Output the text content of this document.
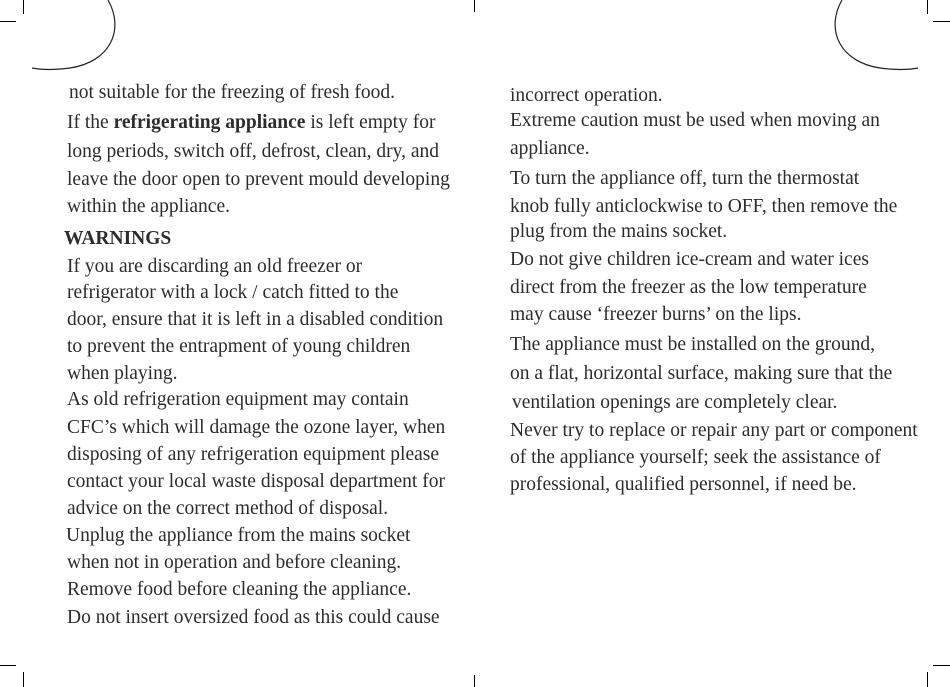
not suitable for the freezing of fresh food.
If the refrigerating appliance is left empty for
long periods, switch off, defrost, clean, dry, and
leave the door open to prevent mould developing
within the appliance.
WARNINGS
If you are discarding an old freezer or
refrigerator with a lock / catch fitted to the
door, ensure that it is left in a disabled condition
to prevent the entrapment of young children
when playing.
As old refrigeration equipment may contain
CFC’s which will damage the ozone layer, when
disposing of any refrigeration equipment please
contact your local waste disposal department for
advice on the correct method of disposal.
Unplug the appliance from the mains socket
when not in operation and before cleaning.
Remove food before cleaning the appliance.
Do not insert oversized food as this could cause
incorrect operation.
Extreme caution must be used when moving an
appliance.
To turn the appliance off, turn the thermostat
knob fully anticlockwise to OFF, then remove the
plug from the mains socket.
Do not give children ice-cream and water ices
direct from the freezer as the low temperature
may cause ‘freezer burns’ on the lips.
The appliance must be installed on the ground,
on a flat, horizontal surface, making sure that the
ventilation openings are completely clear.
Never try to replace or repair any part or component
of the appliance yourself; seek the assistance of
professional, qualified personnel, if need be.
